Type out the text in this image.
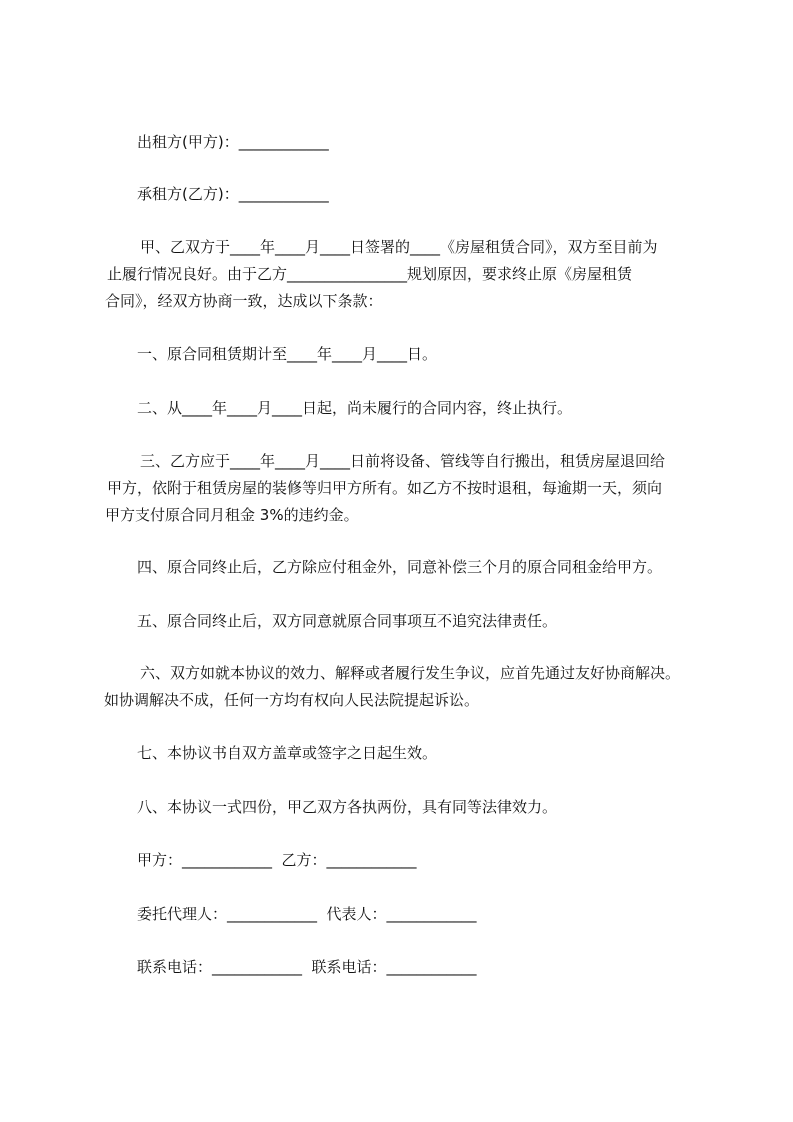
出租方(甲方)：____________

承租方(乙方)：____________

甲、乙双方于____年____月____日签署的____《房屋租赁合同》，双方至目前为

止履行情况良好。由于乙方________________规划原因，要求终止原《房屋租赁

合同》，经双方协商一致，达成以下条款：

一、原合同租赁期计至____年____月____日。

二、从____年____月____日起，尚未履行的合同内容，终止执行。

三、乙方应于____年____月____日前将设备、管线等自行搬出，租赁房屋退回给

甲方，依附于租赁房屋的装修等归甲方所有。如乙方不按时退租，每逾期一天，须向

甲方支付原合同月租金 3%的违约金。

四、原合同终止后，乙方除应付租金外，同意补偿三个月的原合同租金给甲方。

五、原合同终止后，双方同意就原合同事项互不追究法律责任。

六、双方如就本协议的效力、解释或者履行发生争议，应首先通过友好协商解决。

如协调解决不成，任何一方均有权向人民法院提起诉讼。

七、本协议书自双方盖章或签字之日起生效。

八、本协议一式四份，甲乙双方各执两份，具有同等法律效力。

甲方：____________  乙方：____________

委托代理人：____________  代表人：____________

联系电话：____________  联系电话：____________
